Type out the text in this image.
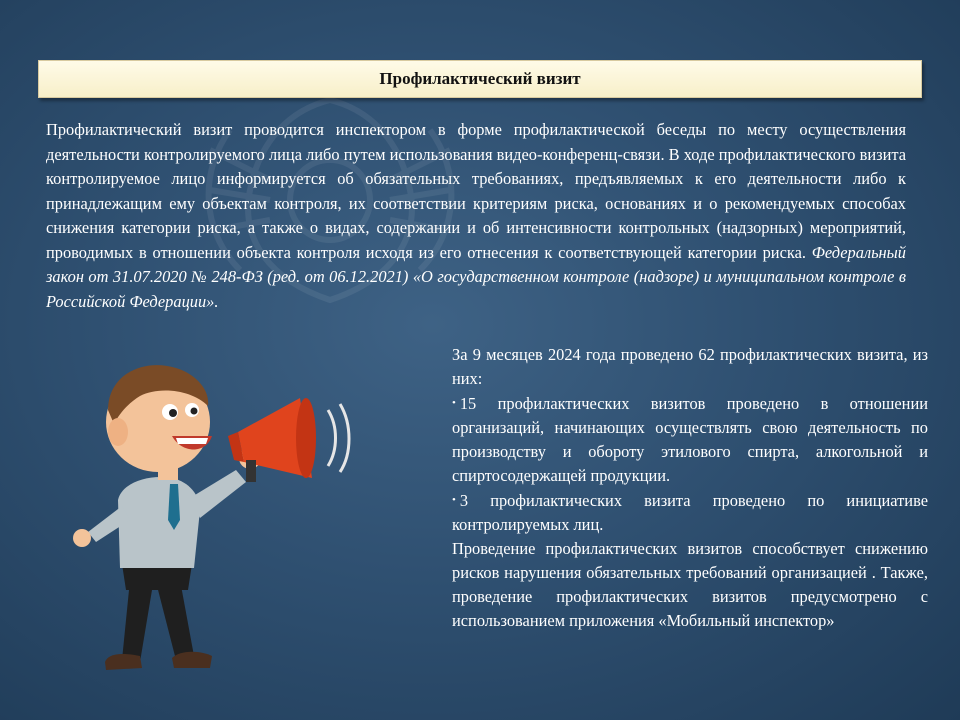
Профилактический визит
Профилактический визит проводится инспектором в форме профилактической беседы по месту осуществления деятельности контролируемого лица либо путем использования видео-конференц-связи. В ходе профилактического визита контролируемое лицо информируется об обязательных требованиях, предъявляемых к его деятельности либо к принадлежащим ему объектам контроля, их соответствии критериям риска, основаниях и о рекомендуемых способах снижения категории риска, а также о видах, содержании и об интенсивности контрольных (надзорных) мероприятий, проводимых в отношении объекта контроля исходя из его отнесения к соответствующей категории риска. Федеральный закон от 31.07.2020 № 248-ФЗ (ред. от 06.12.2021) «О государственном контроле (надзоре) и муниципальном контроле в Российской Федерации».

За 9 месяцев 2024 года проведено 62 профилактических визита, из них:

• 15 профилактических визитов проведено в отношении организаций, начинающих осуществлять свою деятельность по производству и обороту этилового спирта, алкогольной и спиртосодержащей продукции.

• 3 профилактических визита проведено по инициативе контролируемых лиц.

Проведение профилактических визитов способствует снижению рисков нарушения обязательных требований организацией . Также, проведение профилактических визитов предусмотрено с использованием приложения «Мобильный инспектор»
